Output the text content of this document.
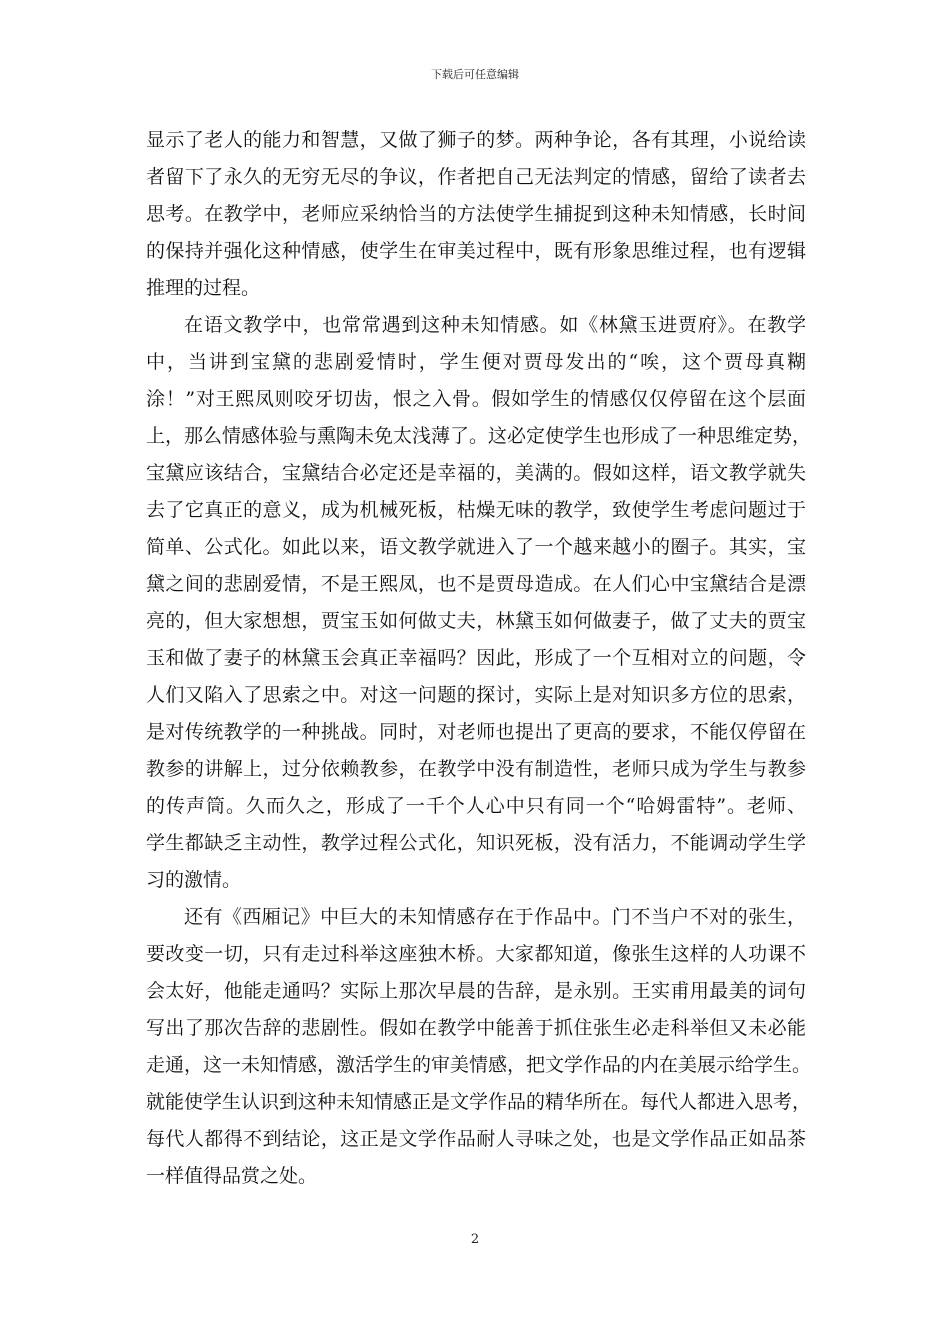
下载后可任意编辑
显示了老人的能力和智慧，又做了狮子的梦。两种争论，各有其理，小说给读
者留下了永久的无穷无尽的争议，作者把自己无法判定的情感，留给了读者去
思考。在教学中，老师应采纳恰当的方法使学生捕捉到这种未知情感，长时间
的保持并强化这种情感，使学生在审美过程中，既有形象思维过程，也有逻辑
推理的过程。
在语文教学中，也常常遇到这种未知情感。如《林黛玉进贾府》。在教学
中，当讲到宝黛的悲剧爱情时，学生便对贾母发出的“唉，这个贾母真糊
涂！”对王熙凤则咬牙切齿，恨之入骨。假如学生的情感仅仅停留在这个层面
上，那么情感体验与熏陶未免太浅薄了。这必定使学生也形成了一种思维定势，
宝黛应该结合，宝黛结合必定还是幸福的，美满的。假如这样，语文教学就失
去了它真正的意义，成为机械死板，枯燥无味的教学，致使学生考虑问题过于
简单、公式化。如此以来，语文教学就进入了一个越来越小的圈子。其实，宝
黛之间的悲剧爱情，不是王熙凤，也不是贾母造成。在人们心中宝黛结合是漂
亮的，但大家想想，贾宝玉如何做丈夫，林黛玉如何做妻子，做了丈夫的贾宝
玉和做了妻子的林黛玉会真正幸福吗？因此，形成了一个互相对立的问题，令
人们又陷入了思索之中。对这一问题的探讨，实际上是对知识多方位的思索，
是对传统教学的一种挑战。同时，对老师也提出了更高的要求，不能仅停留在
教参的讲解上，过分依赖教参，在教学中没有制造性，老师只成为学生与教参
的传声筒。久而久之，形成了一千个人心中只有同一个“哈姆雷特”。老师、
学生都缺乏主动性，教学过程公式化，知识死板，没有活力，不能调动学生学
习的激情。
还有《西厢记》中巨大的未知情感存在于作品中。门不当户不对的张生，
要改变一切，只有走过科举这座独木桥。大家都知道，像张生这样的人功课不
会太好，他能走通吗？实际上那次早晨的告辞，是永别。王实甫用最美的词句
写出了那次告辞的悲剧性。假如在教学中能善于抓住张生必走科举但又未必能
走通，这一未知情感，激活学生的审美情感，把文学作品的内在美展示给学生。
就能使学生认识到这种未知情感正是文学作品的精华所在。每代人都进入思考，
每代人都得不到结论，这正是文学作品耐人寻味之处，也是文学作品正如品茶
一样值得品赏之处。
2
